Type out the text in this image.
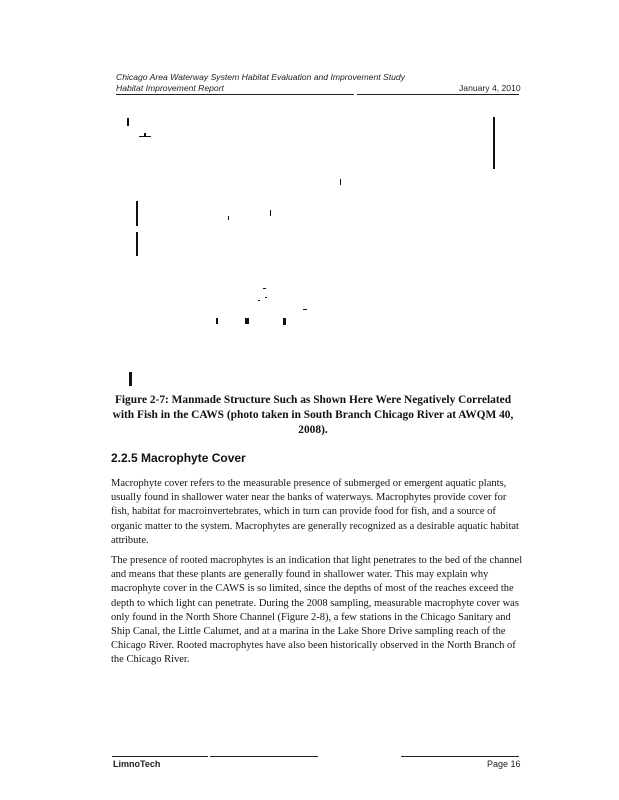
Chicago Area Waterway System Habitat Evaluation and Improvement Study
Habitat Improvement Report	January 4, 2010
Figure 2-7: Manmade Structure Such as Shown Here Were Negatively Correlated with Fish in the CAWS (photo taken in South Branch Chicago River at AWQM 40, 2008).
2.2.5 Macrophyte Cover
Macrophyte cover refers to the measurable presence of submerged or emergent aquatic plants, usually found in shallower water near the banks of waterways. Macrophytes provide cover for fish, habitat for macroinvertebrates, which in turn can provide food for fish, and a source of organic matter to the system. Macrophytes are generally recognized as a desirable aquatic habitat attribute.
The presence of rooted macrophytes is an indication that light penetrates to the bed of the channel and means that these plants are generally found in shallower water. This may explain why macrophyte cover in the CAWS is so limited, since the depths of most of the reaches exceed the depth to which light can penetrate. During the 2008 sampling, measurable macrophyte cover was only found in the North Shore Channel (Figure 2-8), a few stations in the Chicago Sanitary and Ship Canal, the Little Calumet, and at a marina in the Lake Shore Drive sampling reach of the Chicago River. Rooted macrophytes have also been historically observed in the North Branch of the Chicago River.
LimnoTech	Page 16
